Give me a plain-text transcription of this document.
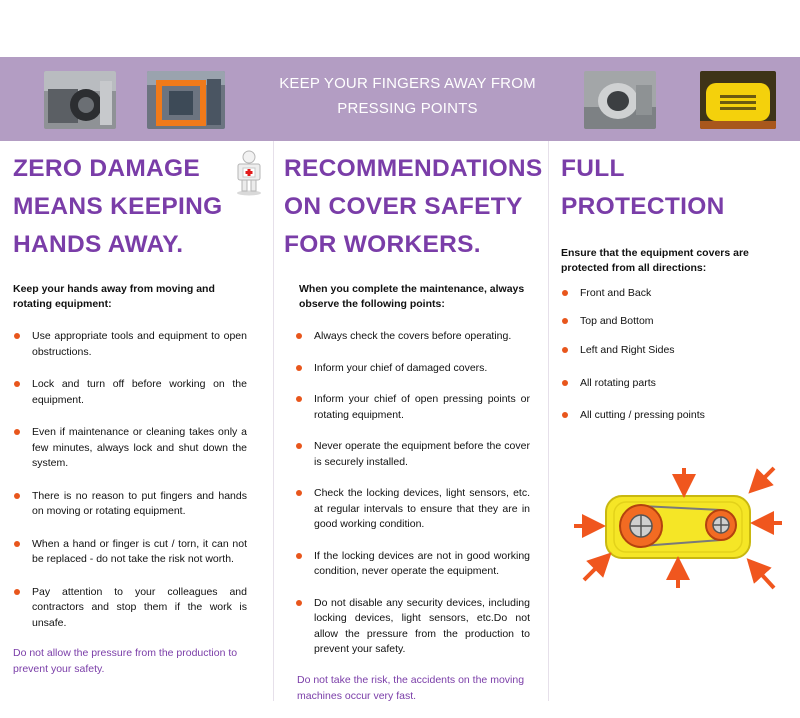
KEEP YOUR FINGERS AWAY FROM PRESSING POINTS
ZERO DAMAGE
MEANS KEEPING
HANDS AWAY.
Keep your hands away from moving and rotating equipment:
Use appropriate tools and equipment to open obstructions.
Lock and turn off before working on the equipment.
Even if maintenance or cleaning takes only a few minutes, always lock and shut down the system.
There is no reason to put fingers and hands on moving or rotating equipment.
When a hand or finger is cut / torn, it can not be replaced - do not take the risk not worth.
Pay attention to your colleagues and contractors and stop them if the work is unsafe.
Do not allow the pressure from the production to prevent your safety.
RECOMMENDATIONS
ON COVER SAFETY
FOR WORKERS.
When you complete the maintenance, always observe the following points:
Always check the covers before operating.
Inform your chief of damaged covers.
Inform your chief of open pressing points or rotating equipment.
Never operate the equipment before the cover is securely installed.
Check the locking devices, light sensors, etc. at regular intervals to ensure that they are in good working condition.
If the locking devices are not in good working condition, never operate the equipment.
Do not disable any security devices, including locking devices, light sensors, etc.Do not allow the pressure from the production to prevent your safety.
Do not take the risk, the accidents on the moving machines occur very fast.
FULL
PROTECTION
Ensure that the equipment covers are protected from all directions:
Front and Back
Top and Bottom
Left and Right Sides
All rotating parts
All cutting / pressing points
